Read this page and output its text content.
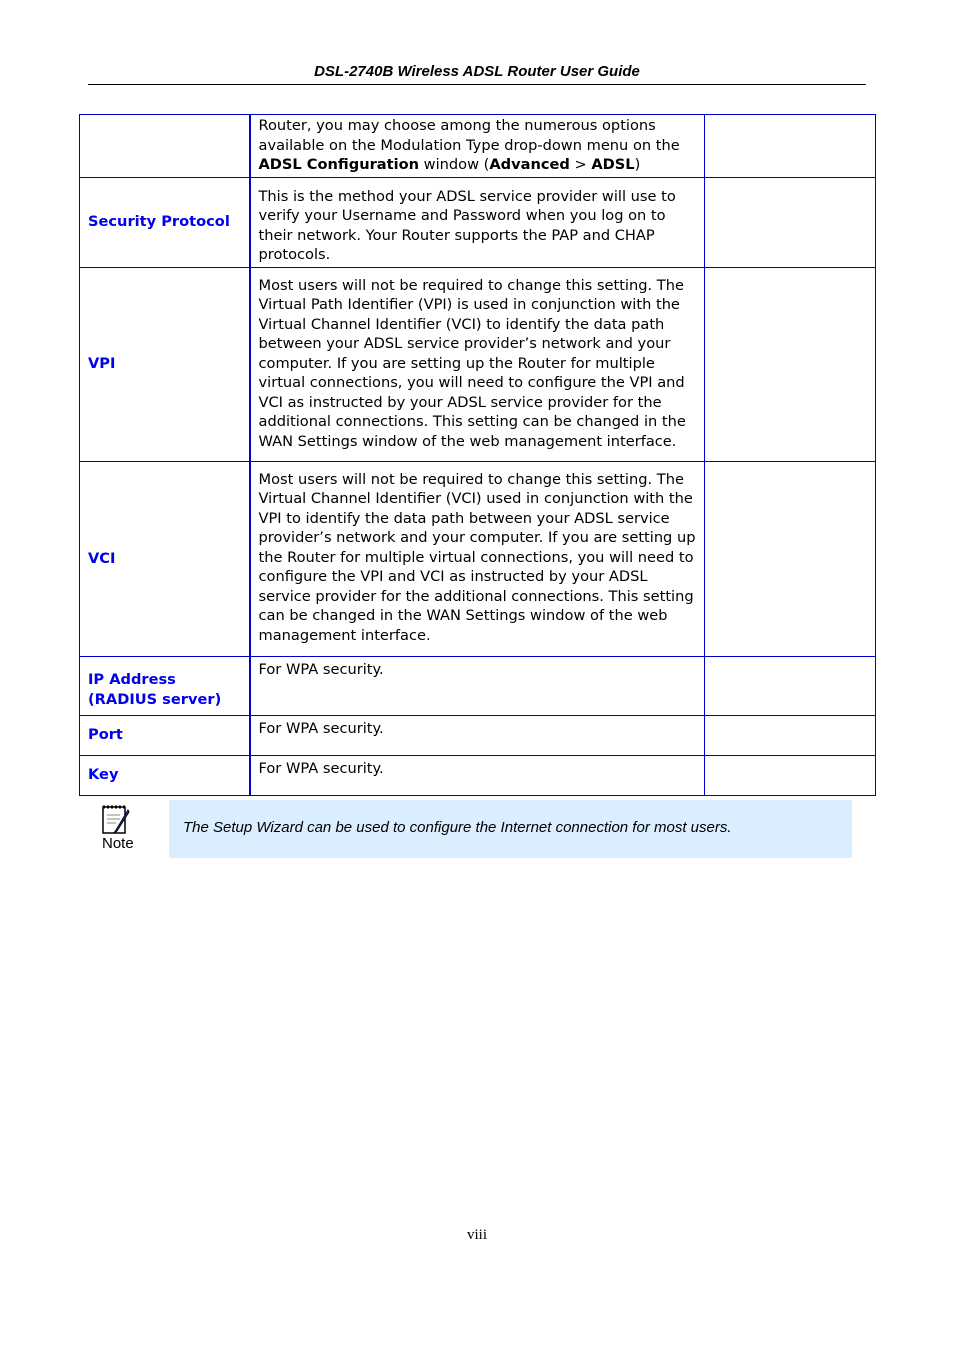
DSL-2740B Wireless ADSL Router User Guide
	Router, you may choose among the numerous options available on the Modulation Type drop-down menu on the ADSL Configuration window (Advanced > ADSL)	
Security Protocol	This is the method your ADSL service provider will use to verify your Username and Password when you log on to their network. Your Router supports the PAP and CHAP protocols.	
VPI	Most users will not be required to change this setting. The Virtual Path Identifier (VPI) is used in conjunction with the Virtual Channel Identifier (VCI) to identify the data path between your ADSL service provider’s network and your computer. If you are setting up the Router for multiple virtual connections, you will need to configure the VPI and VCI as instructed by your ADSL service provider for the additional connections. This setting can be changed in the WAN Settings window of the web management interface.	
VCI	Most users will not be required to change this setting. The Virtual Channel Identifier (VCI) used in conjunction with the VPI to identify the data path between your ADSL service provider’s network and your computer. If you are setting up the Router for multiple virtual connections, you will need to configure the VPI and VCI as instructed by your ADSL service provider for the additional connections. This setting can be changed in the WAN Settings window of the web management interface.	
IP Address
(RADIUS server)	For WPA security.	
Port	For WPA security.	
Key	For WPA security.	
Note
The Setup Wizard can be used to configure the Internet connection for most users.
viii
